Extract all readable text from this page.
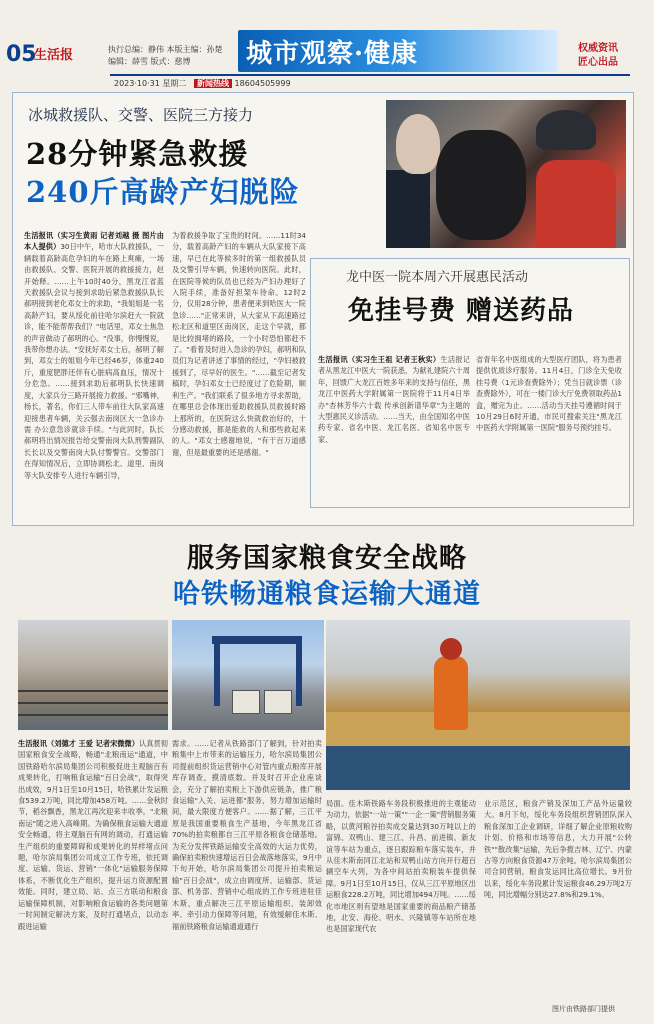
05
生活报	执行总编：静伟 本版主编：孙楚
编辑：薛雪 版式：慈博	城市观察·健康	权威资讯
匠心出品
2023·10·31 星期二 新闻热线 18604505999
冰城救援队、交警、医院三方接力
28分钟紧急救援
240斤高龄产妇脱险
生活报讯（实习生黄雨 记者刘越 摄 图片由本人提供）30日中午，哈市大队救援队，一辆载着高龄高危孕妇的车在路上爽瘫，一场由救援队、交警、医院开展的救援接力，赵开始释。……上午10时40分，黑龙江省蓝天救援队会议与接到求助后紧急救援队队长郝明接到老化邓女士的求助，"我姐姐是一名高龄产妇，要从绥化前往哈尔滨赶大一院就诊，能不能帮帮我们？"电话里，邓女士焦急的声音做动了郝明的心。"没事，你慢慢说，我带你想办法。"安抚好邓女士后，郝明了解到，邓女士的姐姐今年已经46岁，体重240斤，重度肥胖还伴有心脏病高血压，情况十分危急。……接到求助后郝明队长快速调度，大家兵分三路开展接力救援。"邪嘴神，杨长，著名，你们三人带车前往大队家高速迎接患者车辆，关云强去南岗区大一急诊办需 办公意急诊就诊手续。"与此同时，队长郝明将出情况报告给交警南岗大队刑警副队长长以及交警南岗大队付警警官。交警部门在得知情况后，立即协调松北、道里、南岗等大队安排专人进行车辆引导，
为着救援争取了宝贵的时间。……11时34分，载着高龄产妇的车辆从大队家接下高速，早已在此等候多时的第一组救援队员及交警引导车辆，快速转向医院。此时，在医院等候的队员也已经为产妇办理好了入院手续，准备好担架车待命。12时2分，仅用28分钟，患者便来到哈医大一院急诊……"正常来讲，从大家从下高速路过松北区和道里区南岗区，走这个早就，都是比较拥堵的路段，一个小时恐怕都赶不了。"看着及时进入急诊的孕妇，郝明和队员们为记者讲述了事情的经过，"孕妇被救援到了，尽早好的医生。"……截至记者发稿时，孕妇邓女士已经度过了危险期，顺利生产。"我们联系了很多地方寻求帮助，在哪里总会体现出爱助救援队员救援时路上那所的，在医院这么快就救治好的，十分感动救援，都是能救的人和那些救起来的人。"邓女士感谢地说，"有干百万道感谢，但是最重要的还是感谢。"
龙中医一院本周六开展惠民活动
免挂号费 赠送药品
生活报讯（实习生王祖 记者王秋实）生活报记者从黑龙江中医大一院获悉，为献礼建院六十周年，回馈广大龙江百姓多年来的支持与信任，黑龙江中医药大学附属第一医院将于11月4日举办"杏林芳华六十载 传承创新谱华章"为主题的大型惠民义诊活动。……当天，由全国知名中医药专家、省名中医、龙江名医、省知名中医专家、
省青年名中医组成的大型医疗团队，将为患者提供优质诊疗服务。11月4日，门诊全天免收挂号费（1元诊查费除外）；凭当日就诊票（诊查费除外），可在一楼门诊大厅免费领取药品1盒，赠完为止。……活动当天挂号遵循时间于10月29日6时开通，市民可搜索关注"黑龙江中医药大学附属第一医院"服务号预约挂号。
服务国家粮食安全战略
哈铁畅通粮食运输大通道
生活报讯（刘德才 王爱 记者宋微微）认真贯彻国家粮食安全战略，畅通"北粮南运"通道，中国铁路哈尔滨局集团公司积极促进主观脑百有成果转化，打响粮食运输"百日会战"，取得突出成效，9月1日至10月15日，哈铁累计发运粮食539.2万吨，同比增加458万吨。……金秋时节，稻谷飘香，黑龙江再次迎来丰收季。"北粮南运"随之进入高峰期。为确保粮食运输大通道安全畅通，将主观脑百有网的调动，打通运输生产组织的重要障碍和成果转化的异样堵点问题，哈尔滨局集团公司成立工作专班，依托调度、运输、货运、营销"一体化"运输服务保障体系，不断优化生产组织，提升运力资源配置效能。同时，建立局、站、点三方联动和粮食运输保障机制，对影响粮食运输的各类问题第一时间制定解决方案，及时打通堵点，以动态跟进运输
需求。……记者从铁路部门了解到，针对拍卖粮集中上市带来的运输压力，哈尔滨局集团公司提前组织货运营销中心对管内重点粮库开展库存调查，摸清底数。并及时召开企业座谈会，充分了解拍卖粮上下游供应链条，推广粮食运输"入关、运进都"服务，努力增加运输时间，最大限度方便客户。……据了解，三江平原是我国重要粮食生产基地，今年黑龙江省70%的拍卖粮都自三江平原各粮食仓储基地。为充分发挥铁路运输安全高效的大运力优势，确保拍卖粮快速增运百日会战落地落实，9月中下旬开始，哈尔滨局集团公司提升拍卖粮运输"百日会战"，成立由调度所、运输部、货运部、机务部、营销中心组成的工作专班进驻佳木斯，重点解决三江平原运输组织、装卸效率、牵引动力保障等问题，有效缓解佳木斯、福前铁路粮食运输通道通行
局面。佳木斯铁路车务段积极推进的主观能动为动力，依据"一站一策""一企一策"营销服务策略，以黄河粮谷拍卖成交量达到30万吨以上的富锦、双鸭山、建三江、升昌、前进镇、新友谊等车站为重点，逐日跟踪粮车落实装车，并从佳木斯南同江北站和双鸭山站方向开行超百辆空车大列，为各中间站拍卖粮装车提供保障。9月1日至10月15日，仅从三江平原地区出运粮食228.2万吨，同比增加494万吨。……绥化市地区则有望地是国家重要的商品粮产储基地，北安、海伦、明水、兴隆镇等车站所在地也是国家现代农
业示范区，粮食产销及深加工产品外运量较大。8月下旬，绥化车务段组织营销团队深入粮食深加工企业调研，详细了解企业原粮收购计划、价格和市场等信息，大力开展"公转铁""散改集"运输，先后争揽吉林、辽宁、内蒙古等方向粮食货源47万余吨。哈尔滨局集团公司合同营销，粮食发运同比高位增长。9月份以来，绥化车务段累计发运粮食46.29万吨2万吨，同比增幅分别达27.8%和29.1%。
图片由铁路部门提供
